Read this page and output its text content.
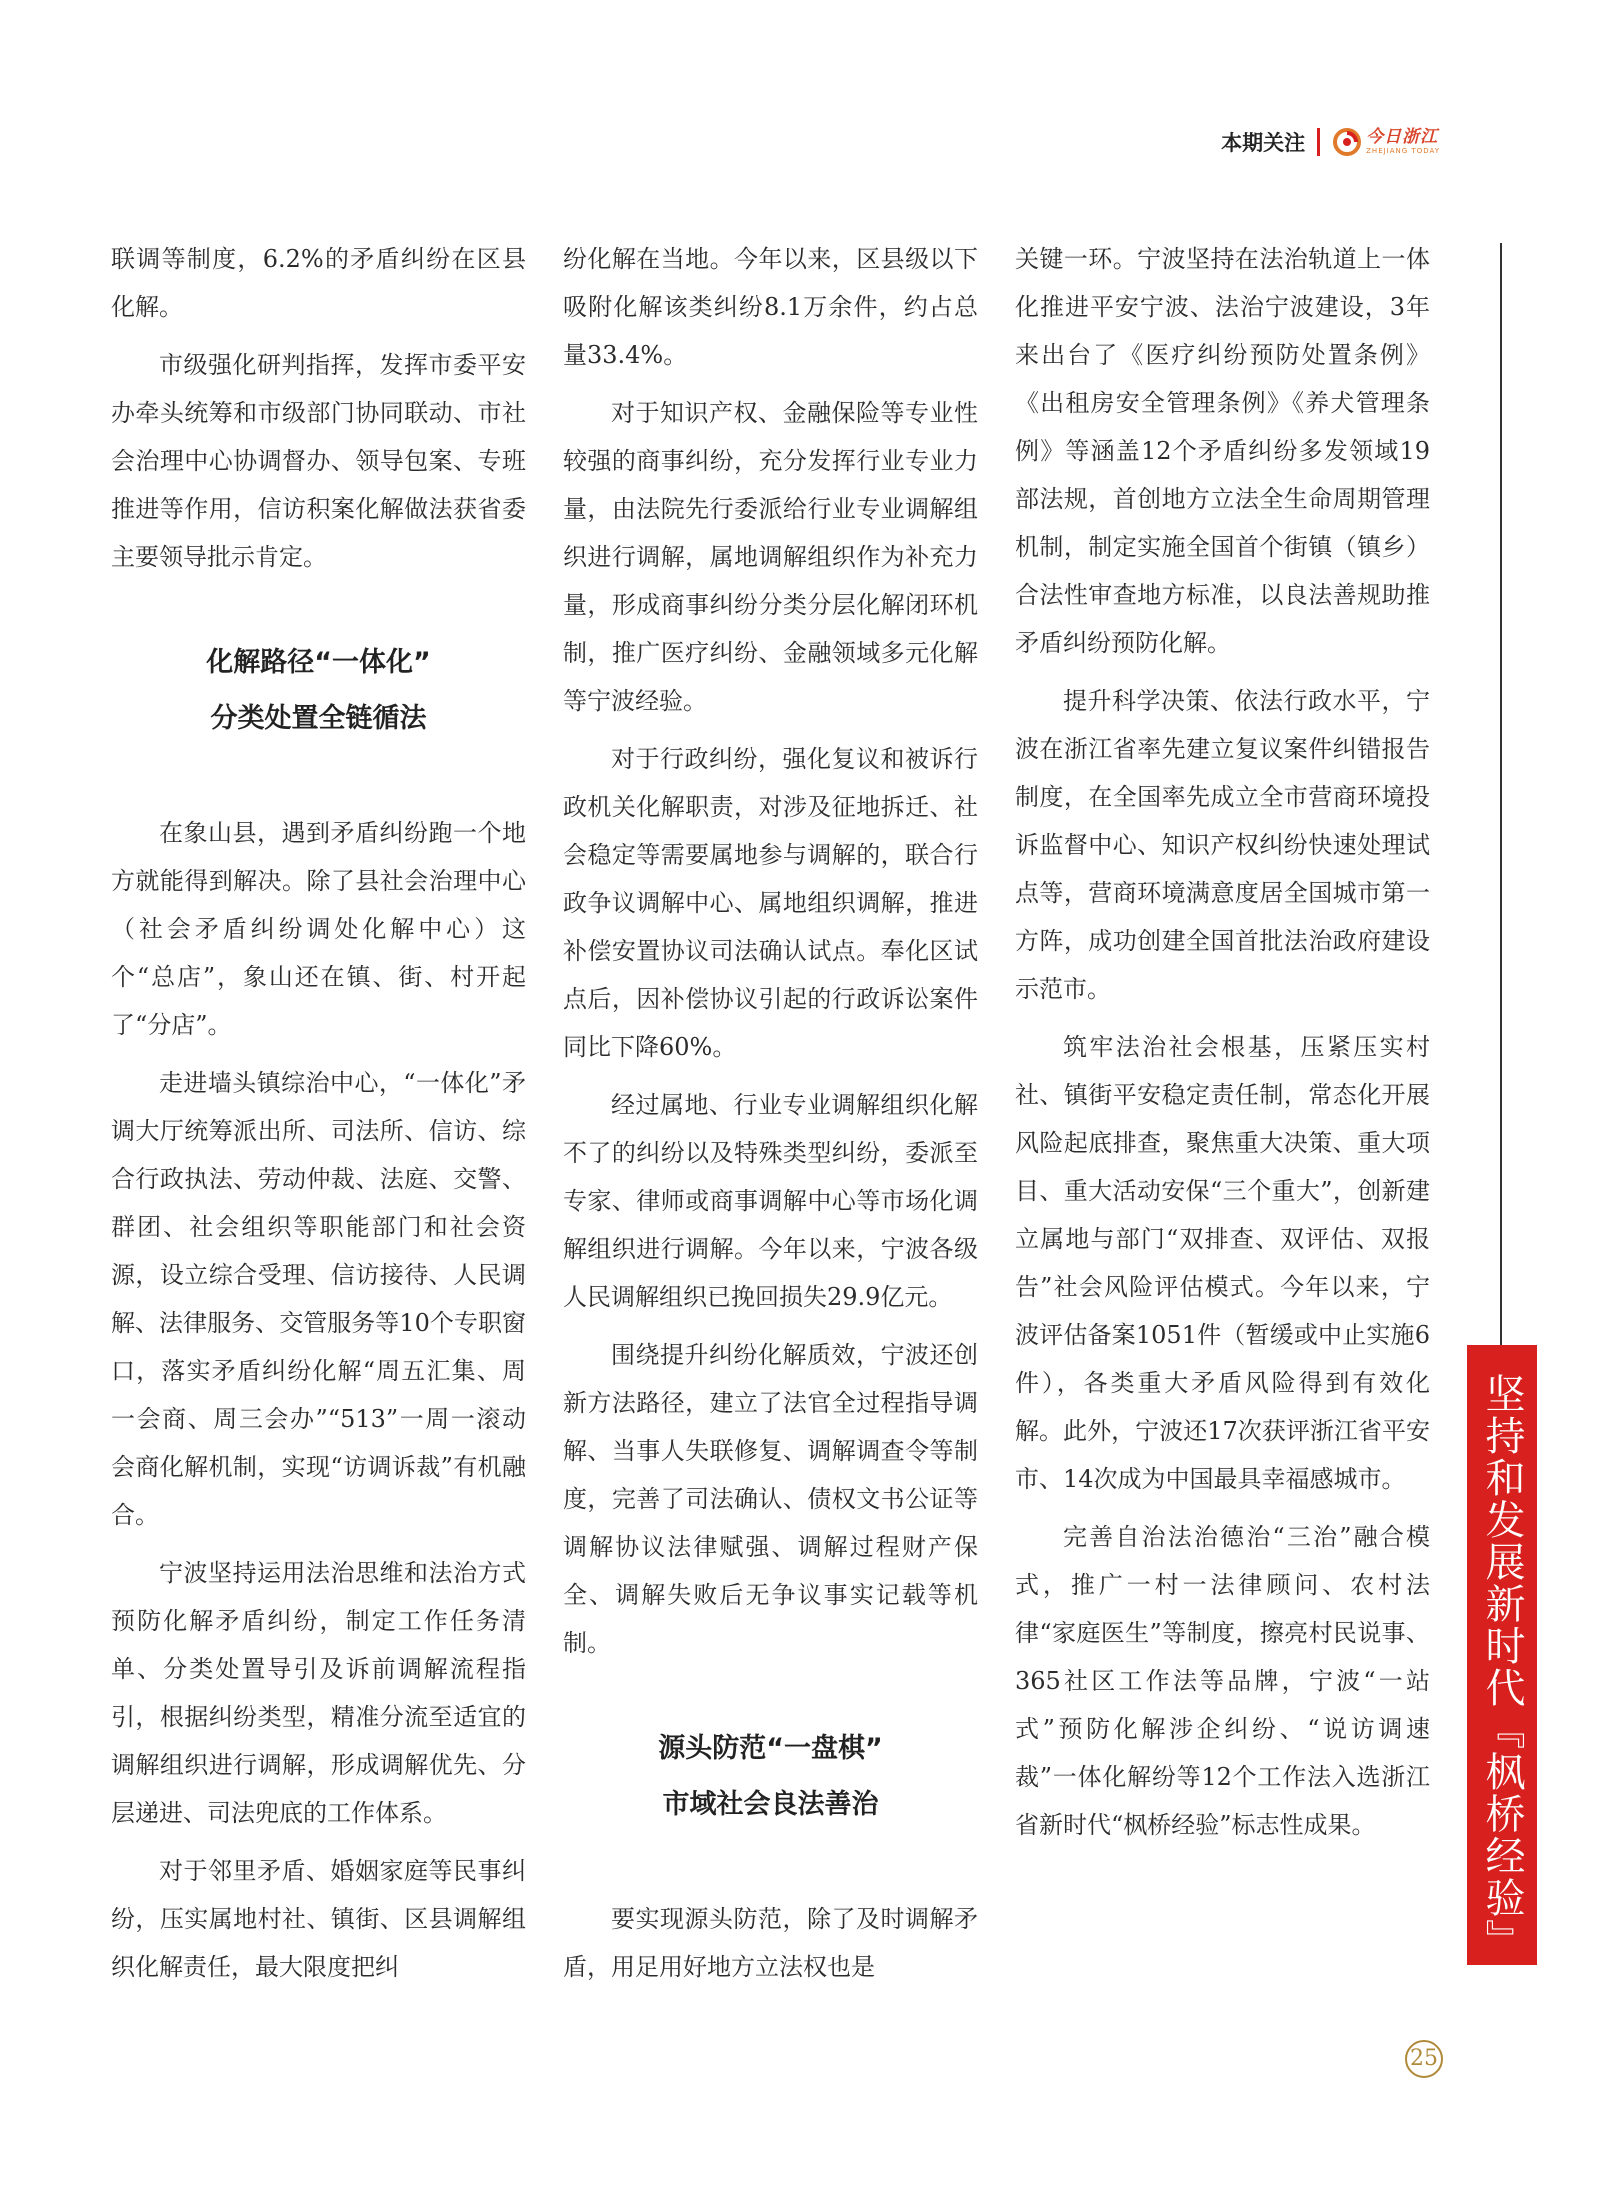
本期关注	今日浙江
ZHEJIANG TODAY

联调等制度，6.2%的矛盾纠纷在区县化解。

市级强化研判指挥，发挥市委平安办牵头统筹和市级部门协同联动、市社会治理中心协调督办、领导包案、专班推进等作用，信访积案化解做法获省委主要领导批示肯定。

化解路径“一体化”
分类处置全链循法

在象山县，遇到矛盾纠纷跑一个地方就能得到解决。除了县社会治理中心（社会矛盾纠纷调处化解中心）这个“总店”，象山还在镇、街、村开起了“分店”。

走进墙头镇综治中心，“一体化”矛调大厅统筹派出所、司法所、信访、综合行政执法、劳动仲裁、法庭、交警、群团、社会组织等职能部门和社会资源，设立综合受理、信访接待、人民调解、法律服务、交管服务等10个专职窗口，落实矛盾纠纷化解“周五汇集、周一会商、周三会办”“513”一周一滚动会商化解机制，实现“访调诉裁”有机融合。

宁波坚持运用法治思维和法治方式预防化解矛盾纠纷，制定工作任务清单、分类处置导引及诉前调解流程指引，根据纠纷类型，精准分流至适宜的调解组织进行调解，形成调解优先、分层递进、司法兜底的工作体系。

对于邻里矛盾、婚姻家庭等民事纠纷，压实属地村社、镇街、区县调解组织化解责任，最大限度把纠

纷化解在当地。今年以来，区县级以下吸附化解该类纠纷8.1万余件，约占总量33.4%。

对于知识产权、金融保险等专业性较强的商事纠纷，充分发挥行业专业力量，由法院先行委派给行业专业调解组织进行调解，属地调解组织作为补充力量，形成商事纠纷分类分层化解闭环机制，推广医疗纠纷、金融领域多元化解等宁波经验。

对于行政纠纷，强化复议和被诉行政机关化解职责，对涉及征地拆迁、社会稳定等需要属地参与调解的，联合行政争议调解中心、属地组织调解，推进补偿安置协议司法确认试点。奉化区试点后，因补偿协议引起的行政诉讼案件同比下降60%。

经过属地、行业专业调解组织化解不了的纠纷以及特殊类型纠纷，委派至专家、律师或商事调解中心等市场化调解组织进行调解。今年以来，宁波各级人民调解组织已挽回损失29.9亿元。

围绕提升纠纷化解质效，宁波还创新方法路径，建立了法官全过程指导调解、当事人失联修复、调解调查令等制度，完善了司法确认、债权文书公证等调解协议法律赋强、调解过程财产保全、调解失败后无争议事实记载等机制。

源头防范“一盘棋”
市域社会良法善治

要实现源头防范，除了及时调解矛盾，用足用好地方立法权也是

关键一环。宁波坚持在法治轨道上一体化推进平安宁波、法治宁波建设，3年来出台了《医疗纠纷预防处置条例》《出租房安全管理条例》《养犬管理条例》等涵盖12个矛盾纠纷多发领域19部法规，首创地方立法全生命周期管理机制，制定实施全国首个街镇（镇乡）合法性审查地方标准，以良法善规助推矛盾纠纷预防化解。

提升科学决策、依法行政水平，宁波在浙江省率先建立复议案件纠错报告制度，在全国率先成立全市营商环境投诉监督中心、知识产权纠纷快速处理试点等，营商环境满意度居全国城市第一方阵，成功创建全国首批法治政府建设示范市。

筑牢法治社会根基，压紧压实村社、镇街平安稳定责任制，常态化开展风险起底排查，聚焦重大决策、重大项目、重大活动安保“三个重大”，创新建立属地与部门“双排查、双评估、双报告”社会风险评估模式。今年以来，宁波评估备案1051件（暂缓或中止实施6件），各类重大矛盾风险得到有效化解。此外，宁波还17次获评浙江省平安市、14次成为中国最具幸福感城市。

完善自治法治德治“三治”融合模式，推广一村一法律顾问、农村法律“家庭医生”等制度，擦亮村民说事、365社区工作法等品牌，宁波“一站式”预防化解涉企纠纷、“说访调速裁”一体化解纷等12个工作法入选浙江省新时代“枫桥经验”标志性成果。	坚持和发展新时代『枫桥经验』
25
